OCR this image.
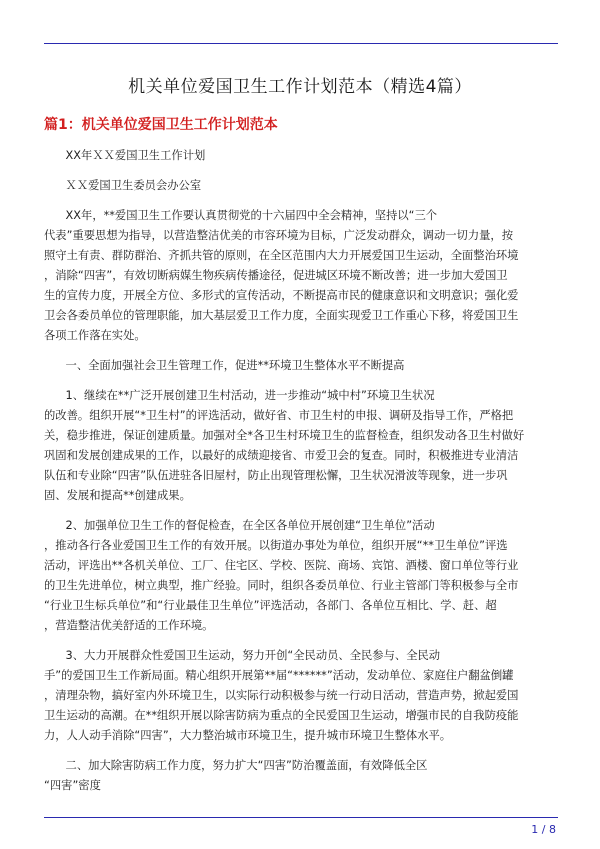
机关单位爱国卫生工作计划范本（精选4篇）
篇1：机关单位爱国卫生工作计划范本
XX年ＸＸ爱国卫生工作计划
ＸＸ爱国卫生委员会办公室
XX年，**爱国卫生工作要认真贯彻党的十六届四中全会精神，坚持以“三个
代表”重要思想为指导，以营造整洁优美的市容环境为目标，广泛发动群众，调动一切力量，按
照守土有责、群防群治、齐抓共管的原则，在全区范围内大力开展爱国卫生运动，全面整治环境
，消除“四害”，有效切断病媒生物疾病传播途径，促进城区环境不断改善；进一步加大爱国卫
生的宣传力度，开展全方位、多形式的宣传活动，不断提高市民的健康意识和文明意识；强化爱
卫会各委员单位的管理职能，加大基层爱卫工作力度，全面实现爱卫工作重心下移，将爱国卫生
各项工作落在实处。
一、全面加强社会卫生管理工作，促进**环境卫生整体水平不断提高
1、继续在**广泛开展创建卫生村活动，进一步推动“城中村”环境卫生状况
的改善。组织开展“*卫生村”的评选活动，做好省、市卫生村的申报、调研及指导工作，严格把
关，稳步推进，保证创建质量。加强对全*各卫生村环境卫生的监督检查，组织发动各卫生村做好
巩固和发展创建成果的工作，以最好的成绩迎接省、市爱卫会的复查。同时，积极推进专业清洁
队伍和专业除“四害”队伍进驻各旧屋村，防止出现管理松懈，卫生状况滑波等现象，进一步巩
固、发展和提高**创建成果。
2、加强单位卫生工作的督促检查，在全区各单位开展创建“卫生单位”活动
，推动各行各业爱国卫生工作的有效开展。以街道办事处为单位，组织开展“**卫生单位”评选
活动，评选出**各机关单位、工厂、住宅区、学校、医院、商场、宾馆、酒楼、窗口单位等行业
的卫生先进单位，树立典型，推广经验。同时，组织各委员单位、行业主管部门等积极参与全市
“行业卫生标兵单位”和“行业最佳卫生单位”评选活动，各部门、各单位互相比、学、赶、超
，营造整洁优美舒适的工作环境。
3、大力开展群众性爱国卫生运动，努力开创“全民动员、全民参与、全民动
手”的爱国卫生工作新局面。精心组织开展第**届“******”活动，发动单位、家庭住户翻盆倒罐
，清理杂物，搞好室内外环境卫生，以实际行动积极参与统一行动日活动，营造声势，掀起爱国
卫生运动的高潮。在**组织开展以除害防病为重点的全民爱国卫生运动，增强市民的自我防疫能
力，人人动手消除“四害”，大力整治城市环境卫生，提升城市环境卫生整体水平。
二、加大除害防病工作力度，努力扩大“四害”防治覆盖面，有效降低全区
“四害”密度
1 / 8
